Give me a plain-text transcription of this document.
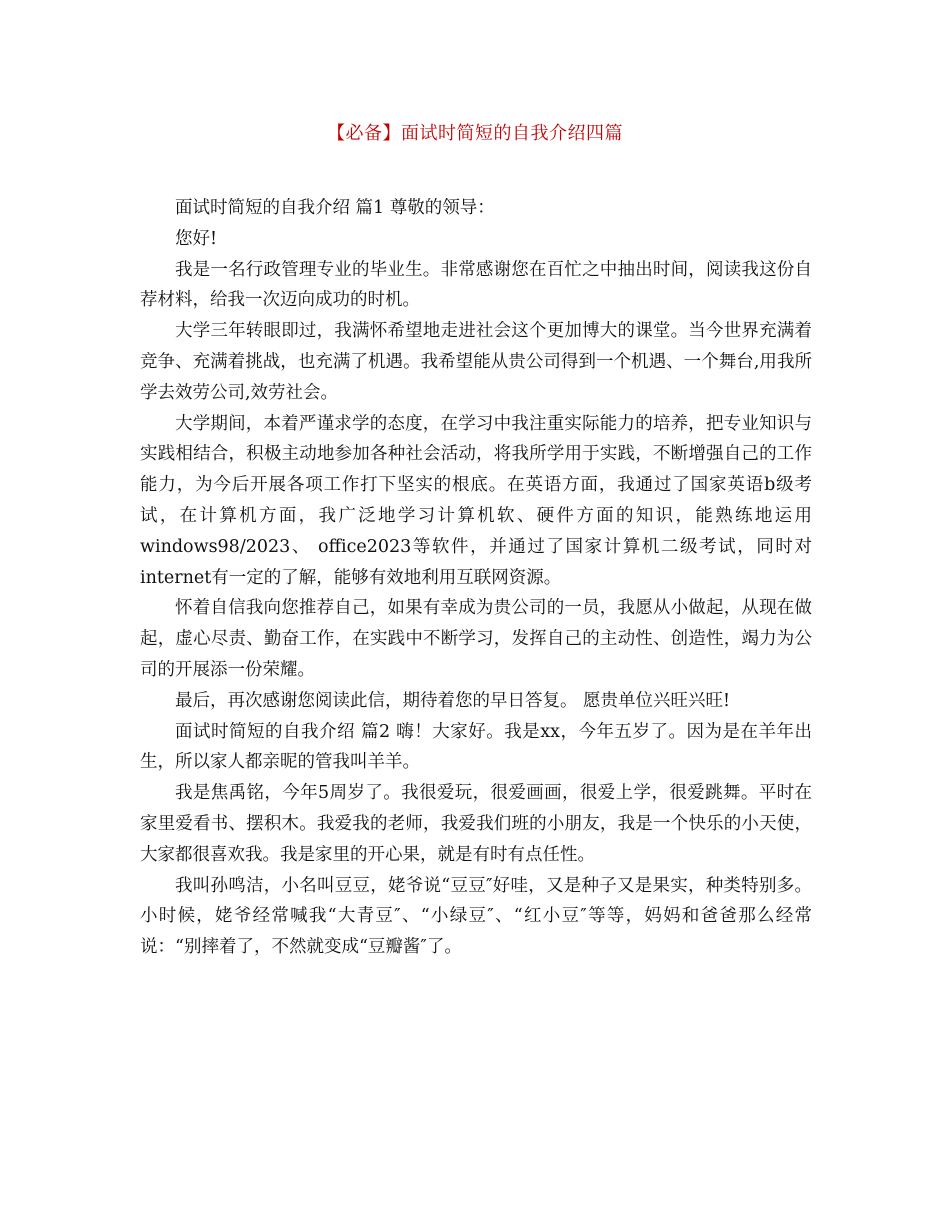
【必备】面试时简短的自我介绍四篇

面试时简短的自我介绍 篇1 尊敬的领导：

您好!

我是一名行政管理专业的毕业生。非常感谢您在百忙之中抽出时间，阅读我这份自荐材料，给我一次迈向成功的时机。

大学三年转眼即过，我满怀希望地走进社会这个更加博大的课堂。当今世界充满着竞争、充满着挑战，也充满了机遇。我希望能从贵公司得到一个机遇、一个舞台,用我所学去效劳公司,效劳社会。

大学期间，本着严谨求学的态度，在学习中我注重实际能力的培养，把专业知识与实践相结合，积极主动地参加各种社会活动，将我所学用于实践，不断增强自己的工作能力，为今后开展各项工作打下坚实的根底。在英语方面，我通过了国家英语b级考试，在计算机方面，我广泛地学习计算机软、硬件方面的知识，能熟练地运用windows98/2023、 office2023等软件，并通过了国家计算机二级考试，同时对internet有一定的了解，能够有效地利用互联网资源。

怀着自信我向您推荐自己，如果有幸成为贵公司的一员，我愿从小做起，从现在做起，虚心尽责、勤奋工作，在实践中不断学习，发挥自己的主动性、创造性，竭力为公司的开展添一份荣耀。

最后，再次感谢您阅读此信，期待着您的早日答复。 愿贵单位兴旺兴旺!

面试时简短的自我介绍 篇2 嗨！大家好。我是xx，今年五岁了。因为是在羊年出生，所以家人都亲昵的管我叫羊羊。

我是焦禹铭，今年5周岁了。我很爱玩，很爱画画，很爱上学，很爱跳舞。平时在家里爱看书、摆积木。我爱我的老师，我爱我们班的小朋友，我是一个快乐的小天使，大家都很喜欢我。我是家里的开心果，就是有时有点任性。

我叫孙鸣洁，小名叫豆豆，姥爷说“豆豆″好哇，又是种子又是果实，种类特别多。小时候，姥爷经常喊我“大青豆″、“小绿豆″、“红小豆″等等，妈妈和爸爸那么经常说：“别摔着了，不然就变成“豆瓣酱″了。
